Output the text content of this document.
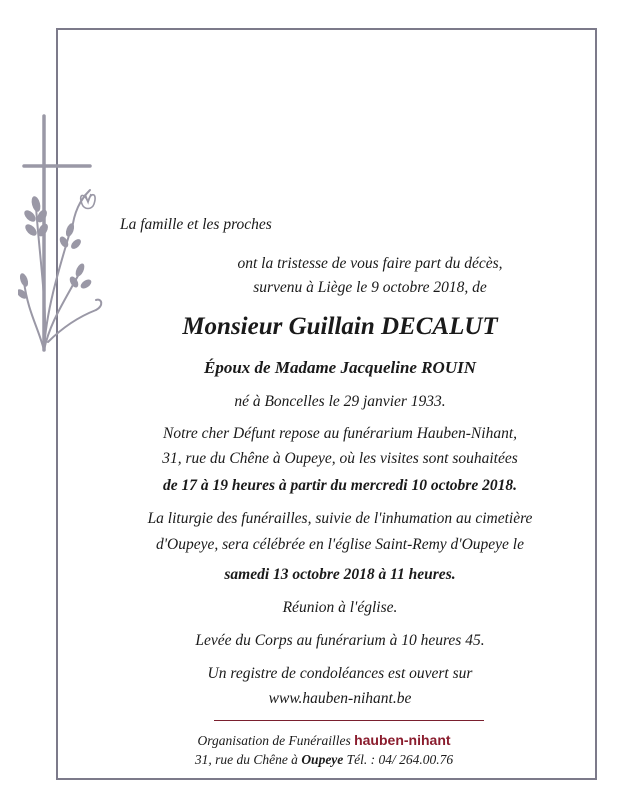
La famille et les proches
ont la tristesse de vous faire part du décès,
survenu à Liège le 9 octobre 2018, de
Monsieur Guillain DECALUT
Époux de Madame Jacqueline ROUIN
né à Boncelles le 29 janvier 1933.
Notre cher Défunt repose au funérarium Hauben-Nihant,
31, rue du Chêne à Oupeye, où les visites sont souhaitées
de 17 à 19 heures à partir du mercredi 10 octobre 2018.
La liturgie des funérailles, suivie de l'inhumation au cimetière
d'Oupeye, sera célébrée en l'église Saint-Remy d'Oupeye le
samedi 13 octobre 2018 à 11 heures.
Réunion à l'église.
Levée du Corps au funérarium à 10 heures 45.
Un registre de condoléances est ouvert sur
www.hauben-nihant.be
Organisation de Funérailles hauben-nihant
31, rue du Chêne à Oupeye Tél. : 04/ 264.00.76
